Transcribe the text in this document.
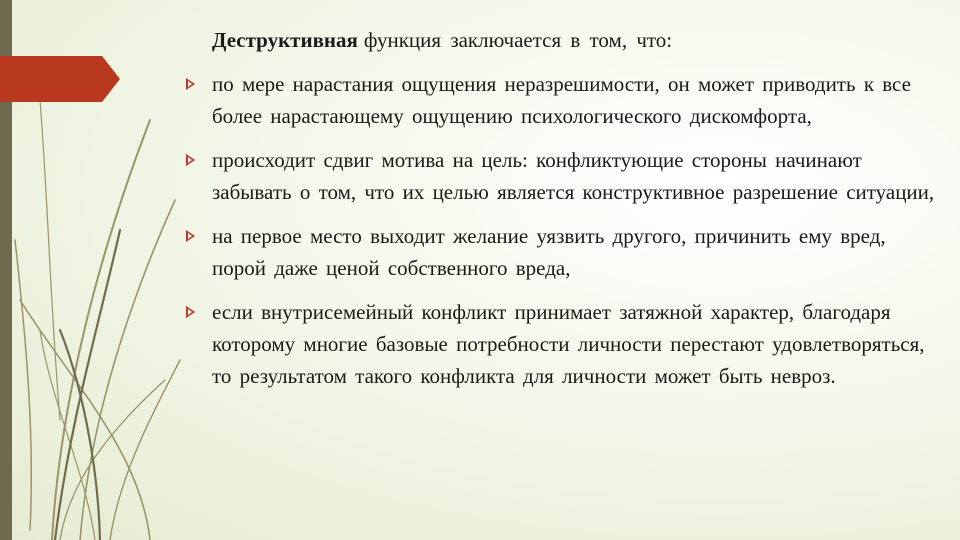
Деструктивная функция заключается в том, что:
по мере нарастания ощущения неразрешимости, он может приводить к все более нарастающему ощущению психологического дискомфорта,
происходит сдвиг мотива на цель: конфликтующие стороны начинают забывать о том, что их целью является конструктивное разрешение ситуации,
на первое место выходит желание уязвить другого, причинить ему вред, порой даже ценой собственного вреда,
если внутрисемейный конфликт принимает затяжной характер, благодаря которому многие базовые потребности личности перестают удовлетворяться, то результатом такого конфликта для личности может быть невроз.
